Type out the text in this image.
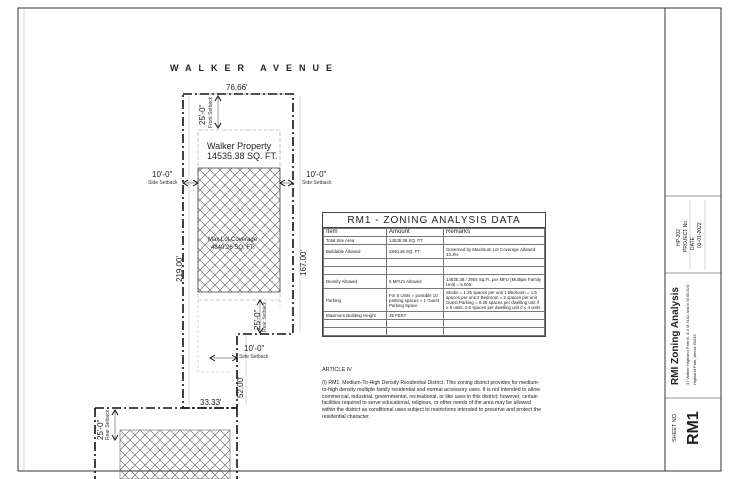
WALKER AVENUE
76.66'
25'-0" Front Setback
Walker Property
14535.38 SQ. FT.
10'-0"
Side Setback
10'-0"
Side Setback
Max Lot Coverage
4840.26 SQ. FT.
219.00'	167.00'
25'-0" Rear Setback
10'-0"
Side Setback
52.00'
33.33'
25'-0" Rear Setback
RM1 - ZONING ANALYSIS DATA
Item	Amount	Remarks
Total Site Area	14535.38 SQ. FT.	
Buildable Allowed	4840.26 SQ. FT.	Governed by Maximum Lot Coverage Allowed 33.3%

Density Allowed	5 MFU's Allowed	14535.38 / 2904 Sq.Ft. per MFU (Multiple Family Unit) = 5.005
Parking	For 5 Units = possible 10 parking spaces + 1 Guest Parking Space	Studio = 1.25 spaces per unit 1 Bedroom = 1.5 spaces per unit 2 Bedroom = 2 spaces per unit Guest Parking = 0.25 spaces per dwelling unit if ≥ 5 units; 0.0 spaces per dwelling unit if ≤ 4 units
Maximum Building Height	35 FEET	

ARTICLE IV
(I) RM1: Medium-To-High Density Residential District. This zoning district provides for medium-to-high density multiple family residential and normal accessory uses. It is not intended to allow commercial, industrial, governmental, recreational, or like uses in this district; however, certain facilities required to serve educational, religious, or other needs of the area may be allowed within the district as conditional uses subject to restrictions intended to preserve and protect the residential character.
RMI Zoning Analysis 37 Walker Highland Park Ill. A 3 M 9102 and in M 50-524 Highland Park, Illinois 60035
HP-202 PROJECT No DATE 03-01-2022
SHEET NO RM1
